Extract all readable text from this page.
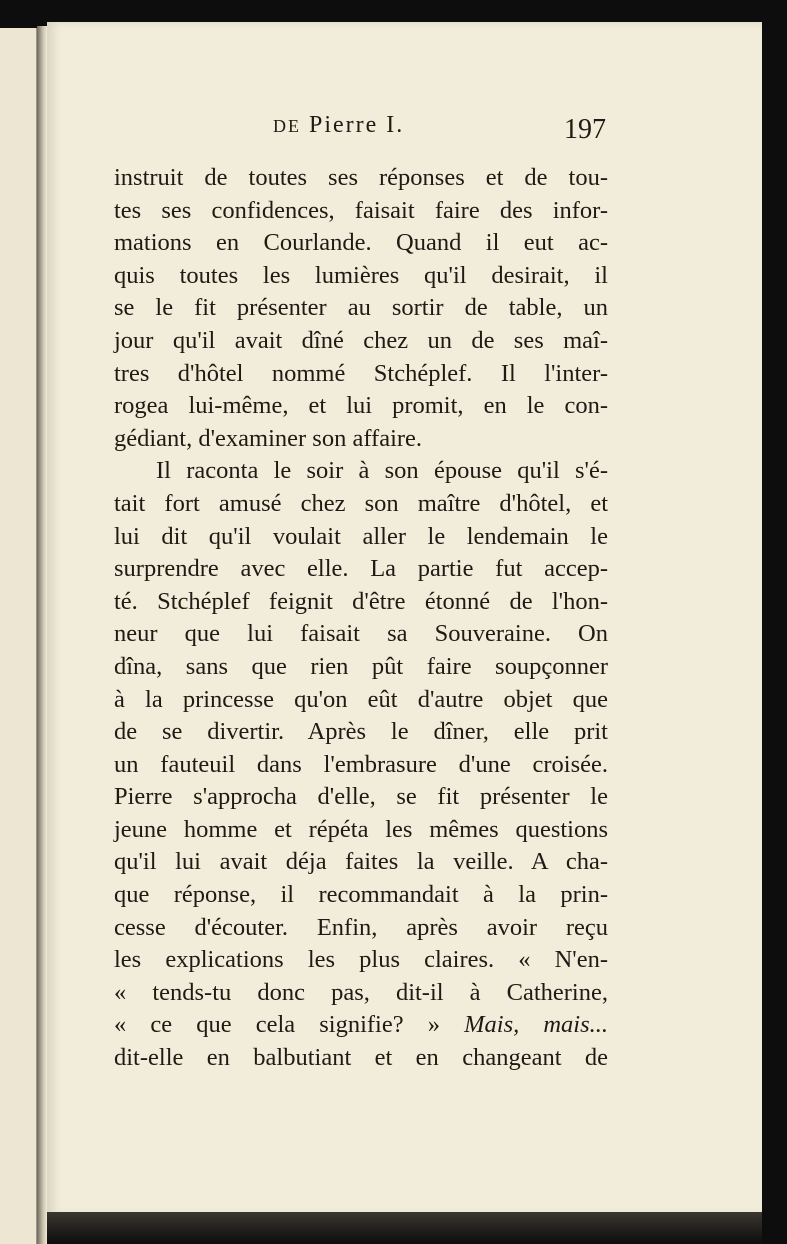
DE Pierre I.	197
instruit de toutes ses réponses et de tou-
tes ses confidences, faisait faire des infor-
mations en Courlande. Quand il eut ac-
quis toutes les lumières qu'il desirait, il
se le fit présenter au sortir de table, un
jour qu'il avait dîné chez un de ses maî-
tres d'hôtel nommé Stchéplef. Il l'inter-
rogea lui-même, et lui promit, en le con-
gédiant, d'examiner son affaire.
Il raconta le soir à son épouse qu'il s'é-
tait fort amusé chez son maître d'hôtel, et
lui dit qu'il voulait aller le lendemain le
surprendre avec elle. La partie fut accep-
té. Stchéplef feignit d'être étonné de l'hon-
neur que lui faisait sa Souveraine. On
dîna, sans que rien pût faire soupçonner
à la princesse qu'on eût d'autre objet que
de se divertir. Après le dîner, elle prit
un fauteuil dans l'embrasure d'une croisée.
Pierre s'approcha d'elle, se fit présenter le
jeune homme et répéta les mêmes questions
qu'il lui avait déja faites la veille. A cha-
que réponse, il recommandait à la prin-
cesse d'écouter. Enfin, après avoir reçu
les explications les plus claires. « N'en-
« tends-tu donc pas, dit-il à Catherine,
« ce que cela signifie? » Mais, mais...
dit-elle en balbutiant et en changeant de
